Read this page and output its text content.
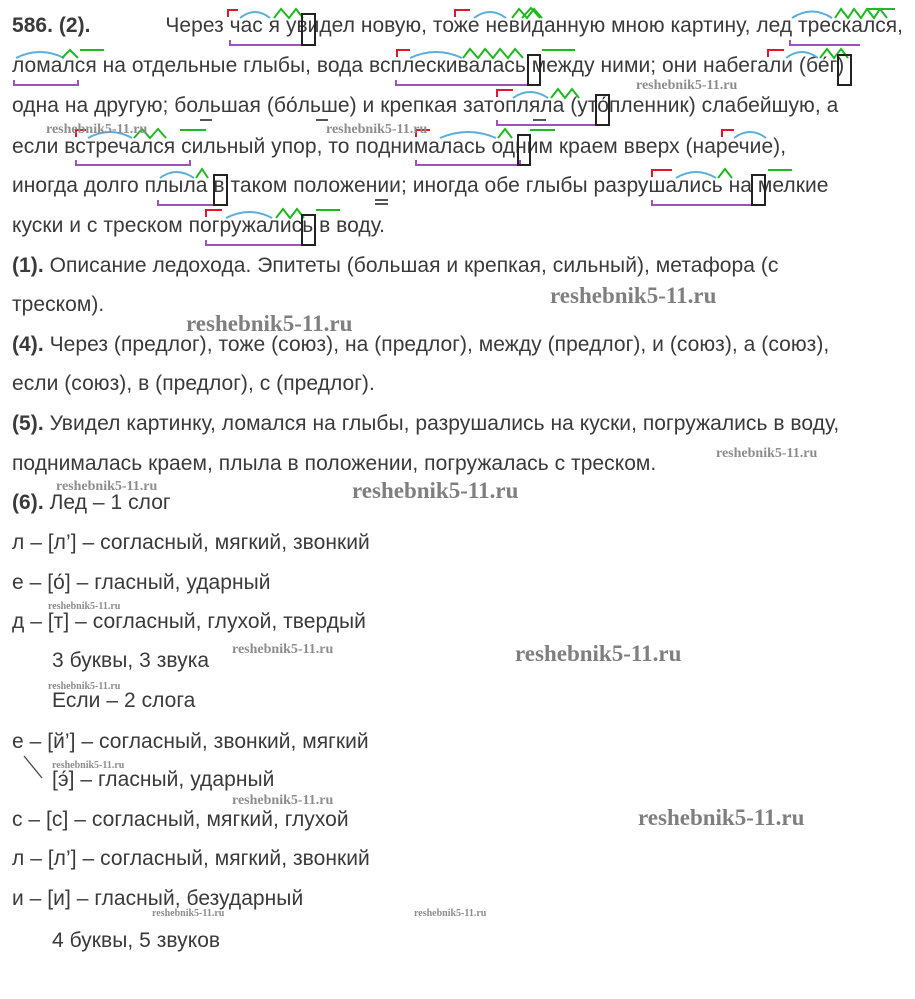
586. (2).	Через час я увидел новую, тоже невиданную мною картину, лед трескался,
ломался на отдельные глыбы, вода всплескивалась между ними; они набегали (бе́г)
одна на другую; большая (бо́льше) и крепкая затопляла (уто́пленник) слабейшую, а
если встречался сильный упор, то поднималась одним краем вверх (наречие),
иногда долго плыла в таком положении; иногда обе глыбы разрушались на мелкие
куски и с треском погружались в воду.
(1). Описание ледохода. Эпитеты (большая и крепкая, сильный), метафора (с
треском).
(4). Через (предлог), тоже (союз), на (предлог), между (предлог), и (союз), а (союз),
если (союз), в (предлог), с (предлог).
(5). Увидел картинку, ломался на глыбы, разрушались на куски, погружались в воду,
поднималась краем, плыла в положении, погружалась с треском.
(6). Лед – 1 слог
л – [л’] – согласный, мягкий, звонкий
е – [о́] – гласный, ударный
д – [т] – согласный, глухой, твердый
3 буквы, 3 звука
Если – 2 слога
е – [й’] – согласный, звонкий, мягкий
[э́] – гласный, ударный
с – [с] – согласный, мягкий, глухой
л – [л’] – согласный, мягкий, звонкий
и – [и] – гласный, безударный
4 буквы, 5 звуков
reshebnik5-11.ru
reshebnik5-11.ru	reshebnik5-11.ru
reshebnik5-11.ru
reshebnik5-11.ru
reshebnik5-11.ru
reshebnik5-11.ru	reshebnik5-11.ru
reshebnik5-11.ru
reshebnik5-11.ru	reshebnik5-11.ru
reshebnik5-11.ru
reshebnik5-11.ru
reshebnik5-11.ru
reshebnik5-11.ru
reshebnik5-11.ru	reshebnik5-11.ru
